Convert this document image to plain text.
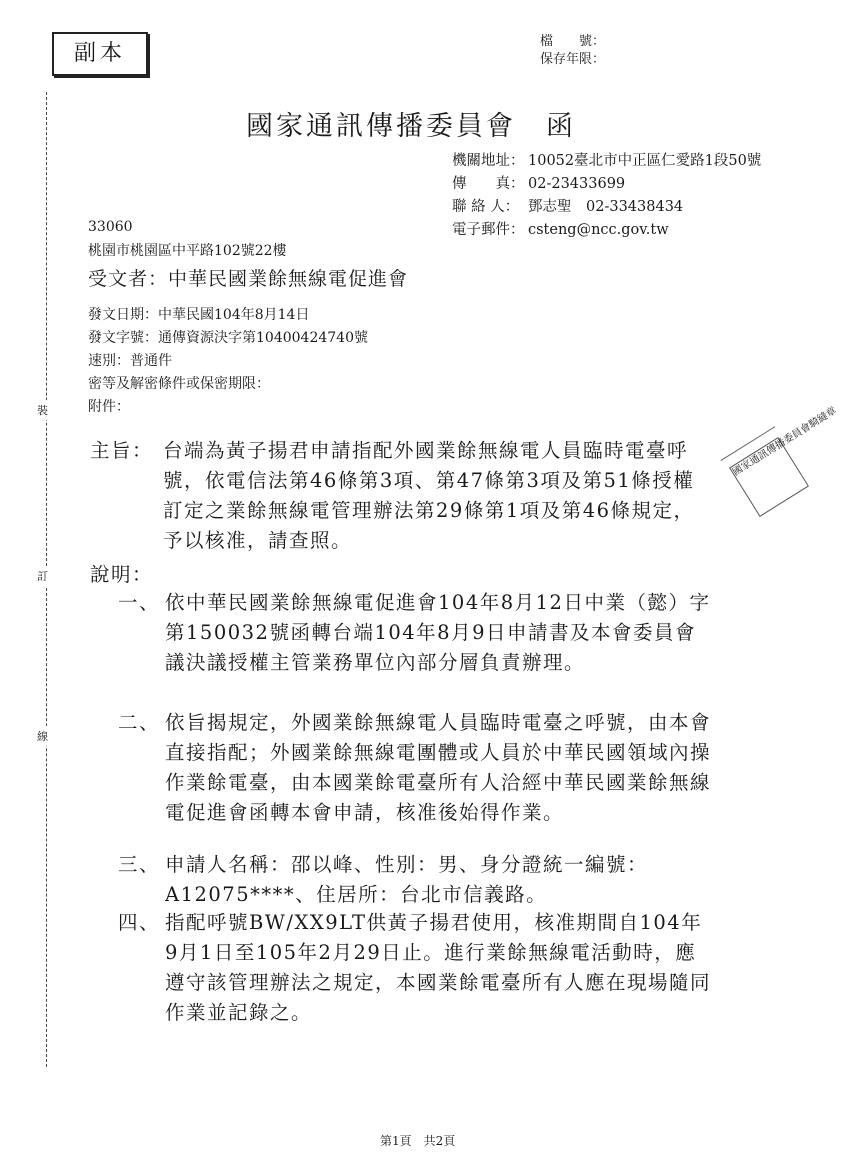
副本	檔　　號：
保存年限：
裝
訂
線
國家通訊傳播委員會　函
機關地址： 10052臺北市中正區仁愛路1段50號
傳　　真： 02-23433699
聯 絡 人： 鄧志聖　02-33438434
電子郵件： csteng@ncc.gov.tw
33060
桃園市桃園區中平路102號22樓
受文者：中華民國業餘無線電促進會
發文日期：中華民國104年8月14日
發文字號：通傳資源決字第10400424740號
速別：普通件
密等及解密條件或保密期限：
附件：
主旨： 台端為黃子揚君申請指配外國業餘無線電人員臨時電臺呼號，依電信法第46條第3項、第47條第3項及第51條授權訂定之業餘無線電管理辦法第29條第1項及第46條規定，予以核准，請查照。
國家通訊傳播委員會騎縫章
說明：
一、 依中華民國業餘無線電促進會104年8月12日中業（懿）字第150032號函轉台端104年8月9日申請書及本會委員會議決議授權主管業務單位內部分層負責辦理。
二、 依旨揭規定，外國業餘無線電人員臨時電臺之呼號，由本會直接指配；外國業餘無線電團體或人員於中華民國領域內操作業餘電臺，由本國業餘電臺所有人洽經中華民國業餘無線電促進會函轉本會申請，核准後始得作業。
三、 申請人名稱：邵以峰、性別：男、身分證統一編號：A12075****、住居所：台北市信義路。
四、 指配呼號BW/XX9LT供黃子揚君使用，核准期間自104年9月1日至105年2月29日止。進行業餘無線電活動時，應遵守該管理辦法之規定，本國業餘電臺所有人應在現場隨同作業並記錄之。
第1頁　共2頁
